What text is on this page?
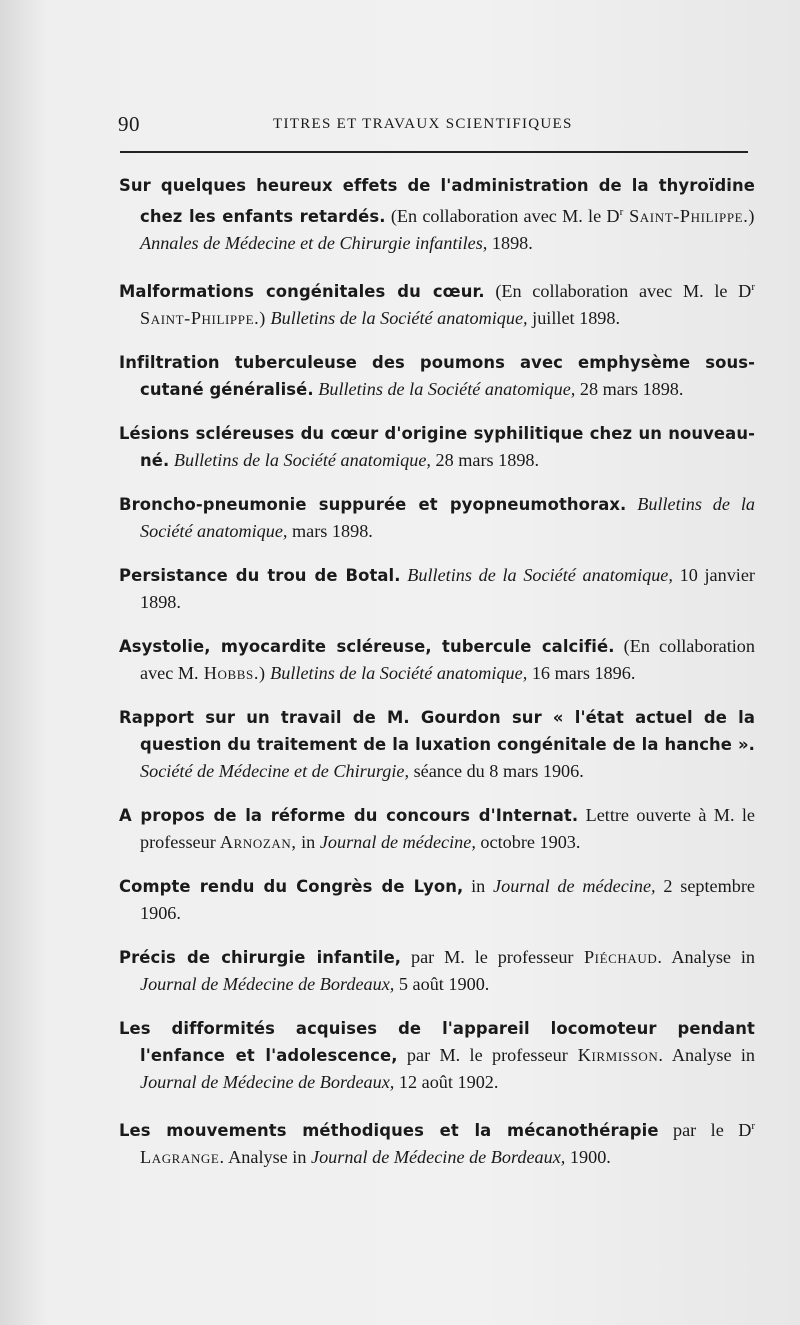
90	TITRES ET TRAVAUX SCIENTIFIQUES

Sur quelques heureux effets de l'administration de la thyroïdine chez les enfants retardés. (En collaboration avec M. le $D^r$ Saint-Philippe.) Annales de Médecine et de Chirurgie infantiles, 1898.

Malformations congénitales du cœur. (En collaboration avec M. le $D^r$ Saint-Philippe.) Bulletins de la Société anatomique, juillet 1898.

Infiltration tuberculeuse des poumons avec emphysème sous-cutané généralisé. Bulletins de la Société anatomique, 28 mars 1898.

Lésions scléreuses du cœur d'origine syphilitique chez un nouveau-né. Bulletins de la Société anatomique, 28 mars 1898.

Broncho-pneumonie suppurée et pyopneumothorax. Bulletins de la Société anatomique, mars 1898.

Persistance du trou de Botal. Bulletins de la Société anatomique, 10 janvier 1898.

Asystolie, myocardite scléreuse, tubercule calcifié. (En collaboration avec M. Hobbs.) Bulletins de la Société anatomique, 16 mars 1896.

Rapport sur un travail de M. Gourdon sur « l'état actuel de la question du traitement de la luxation congénitale de la hanche ». Société de Médecine et de Chirurgie, séance du 8 mars 1906.

A propos de la réforme du concours d'Internat. Lettre ouverte à M. le professeur Arnozan, in Journal de médecine, octobre 1903.

Compte rendu du Congrès de Lyon, in Journal de médecine, 2 septembre 1906.

Précis de chirurgie infantile, par M. le professeur Piéchaud. Analyse in Journal de Médecine de Bordeaux, 5 août 1900.

Les difformités acquises de l'appareil locomoteur pendant l'enfance et l'adolescence, par M. le professeur Kirmisson. Analyse in Journal de Médecine de Bordeaux, 12 août 1902.

Les mouvements méthodiques et la mécanothérapie par le $D^r$ Lagrange. Analyse in Journal de Médecine de Bordeaux, 1900.
